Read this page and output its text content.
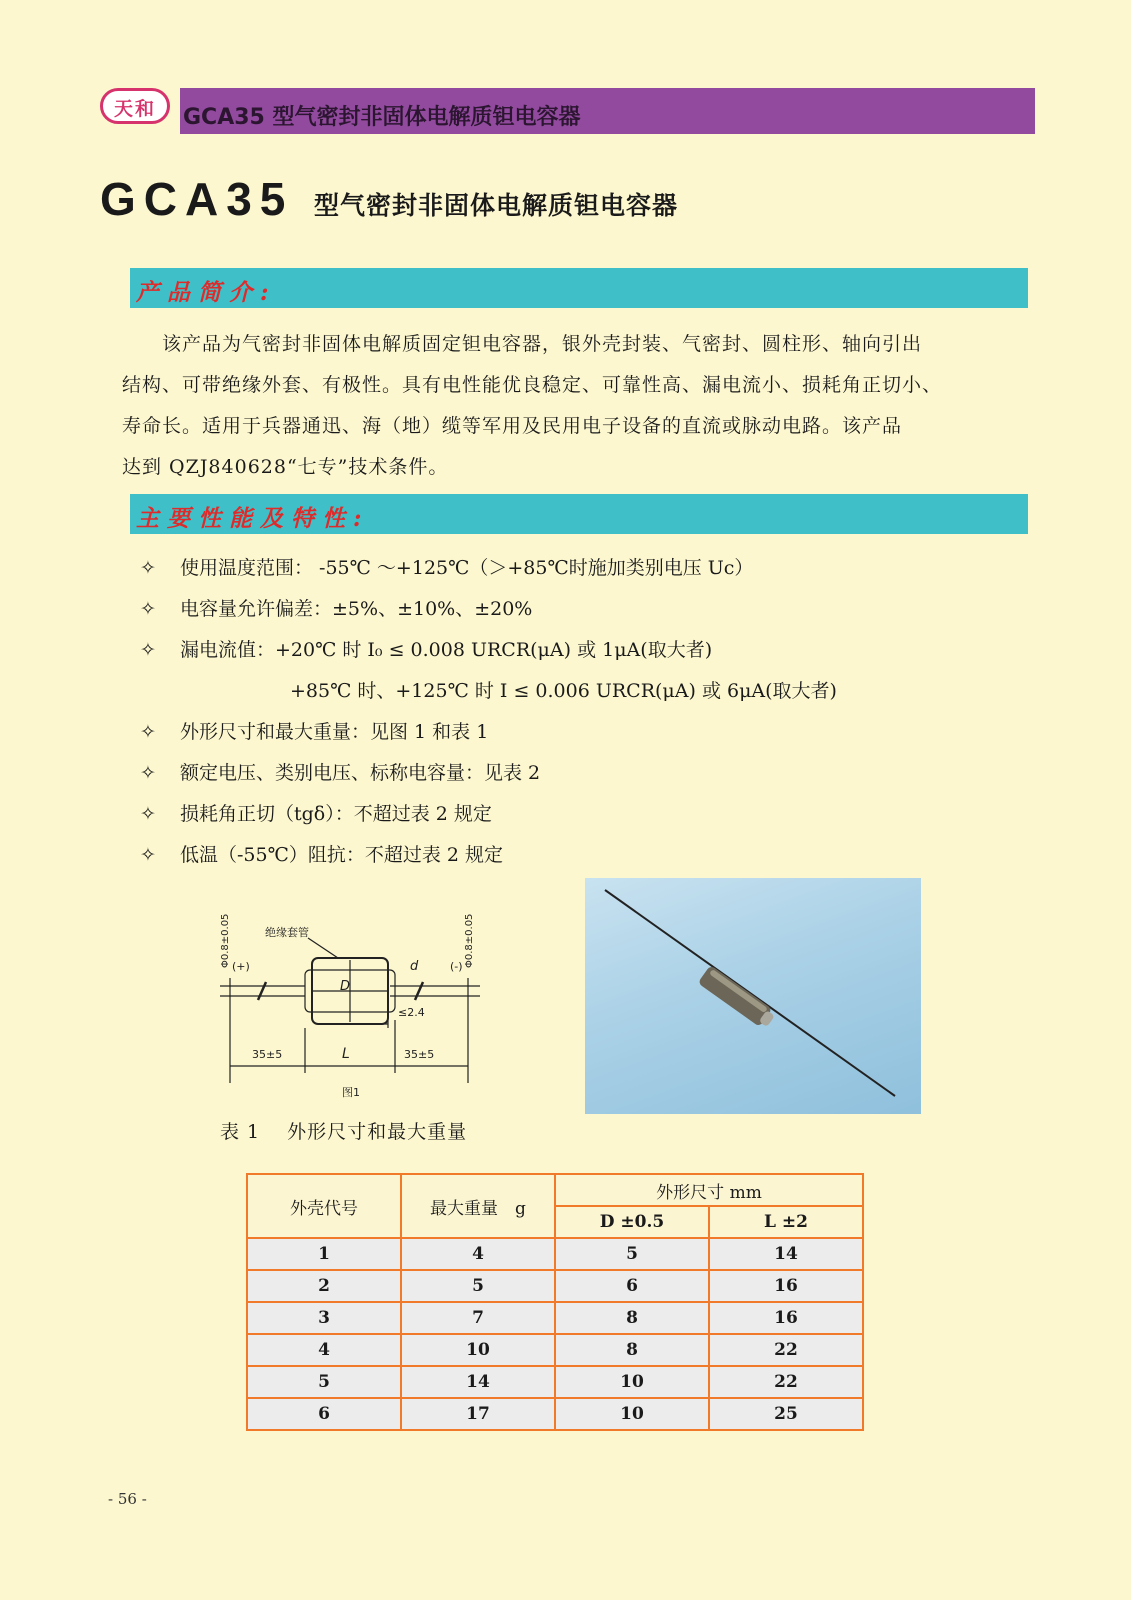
天和	GCA35 型气密封非固体电解质钽电容器
GCA35 型气密封非固体电解质钽电容器
产品简介:

　　该产品为气密封非固体电解质固定钽电容器，银外壳封装、气密封、圆柱形、轴向引出

结构、可带绝缘外套、有极性。具有电性能优良稳定、可靠性高、漏电流小、损耗角正切小、

寿命长。适用于兵器通迅、海（地）缆等军用及民用电子设备的直流或脉动电路。该产品

达到 QZJ840628“七专”技术条件。

主要性能及特性:
✧	使用温度范围： -55℃ ～+125℃（＞+85℃时施加类别电压 Uc）
✧	电容量允许偏差：±5%、±10%、±20%
✧	漏电流值：+20℃ 时 I₀ ≤ 0.008 URCR(μA) 或 1μA(取大者)
+85℃ 时、+125℃ 时 I ≤ 0.006 URCR(μA) 或 6μA(取大者)
✧	外形尺寸和最大重量：见图 1 和表 1
✧	额定电压、类别电压、标称电容量：见表 2
✧	损耗角正切（tgδ）：不超过表 2 规定
✧	低温（-55℃）阻抗：不超过表 2 规定
Φ0.8±0.05	Φ0.8±0.05
绝缘套管
(+)	(-)
D
d
≤2.4
35±5	L	35±5
图1
表 1　 外形尺寸和最大重量
外壳代号	最大重量　g	外形尺寸 mm	
		D ±0.5	L ±2
1	4	5	14
2	5	6	16
3	7	8	16
4	10	8	22
5	14	10	22
6	17	10	25
- 56 -
